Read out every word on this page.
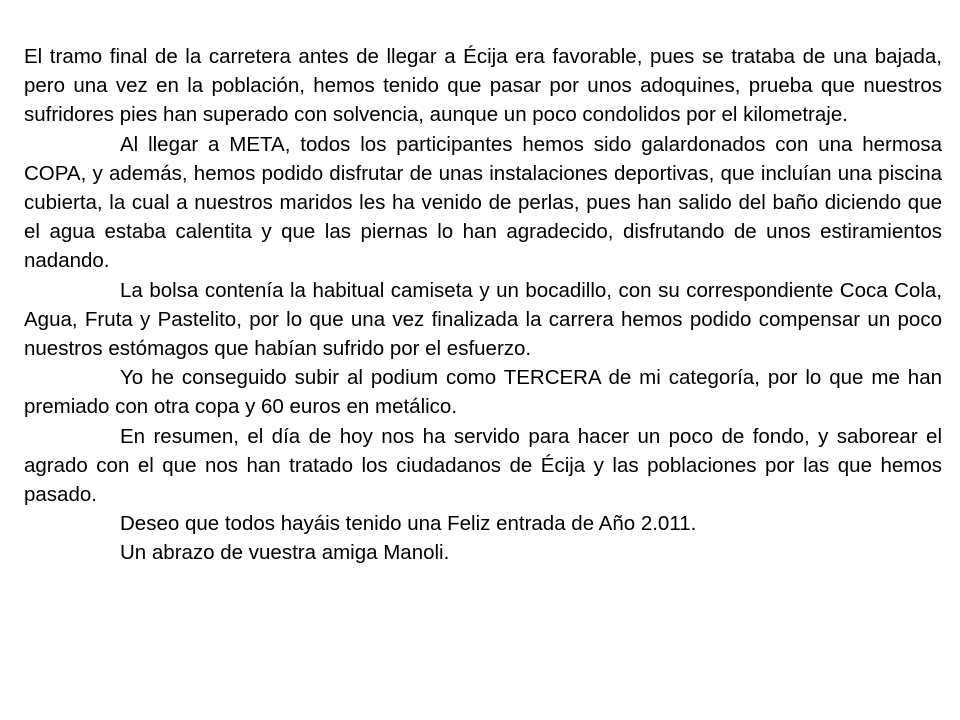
El tramo final de la carretera antes de llegar a Écija era favorable, pues se trataba de una bajada, pero una vez en la población, hemos tenido que pasar por unos adoquines, prueba que nuestros sufridores pies han superado con solvencia, aunque un poco condolidos por el kilometraje.

Al llegar a META, todos los participantes hemos sido galardonados con una hermosa COPA, y además, hemos podido disfrutar de unas instalaciones deportivas, que incluían una piscina cubierta, la cual a nuestros maridos les ha venido de perlas, pues han salido del baño diciendo que el agua estaba calentita y que las piernas lo han agradecido, disfrutando de unos estiramientos nadando.

La bolsa contenía la habitual camiseta y un bocadillo, con su correspondiente Coca Cola, Agua, Fruta y Pastelito, por lo que una vez finalizada la carrera hemos podido compensar un poco nuestros estómagos que habían sufrido por el esfuerzo.

Yo he conseguido subir al podium como TERCERA de mi categoría, por lo que me han premiado con otra copa y 60 euros en metálico.

En resumen, el día de hoy nos ha servido para hacer un poco de fondo, y saborear el agrado con el que nos han tratado los ciudadanos de Écija y las poblaciones por las que hemos pasado.

Deseo que todos hayáis tenido una Feliz entrada de Año 2.011.

Un abrazo de vuestra amiga Manoli.
